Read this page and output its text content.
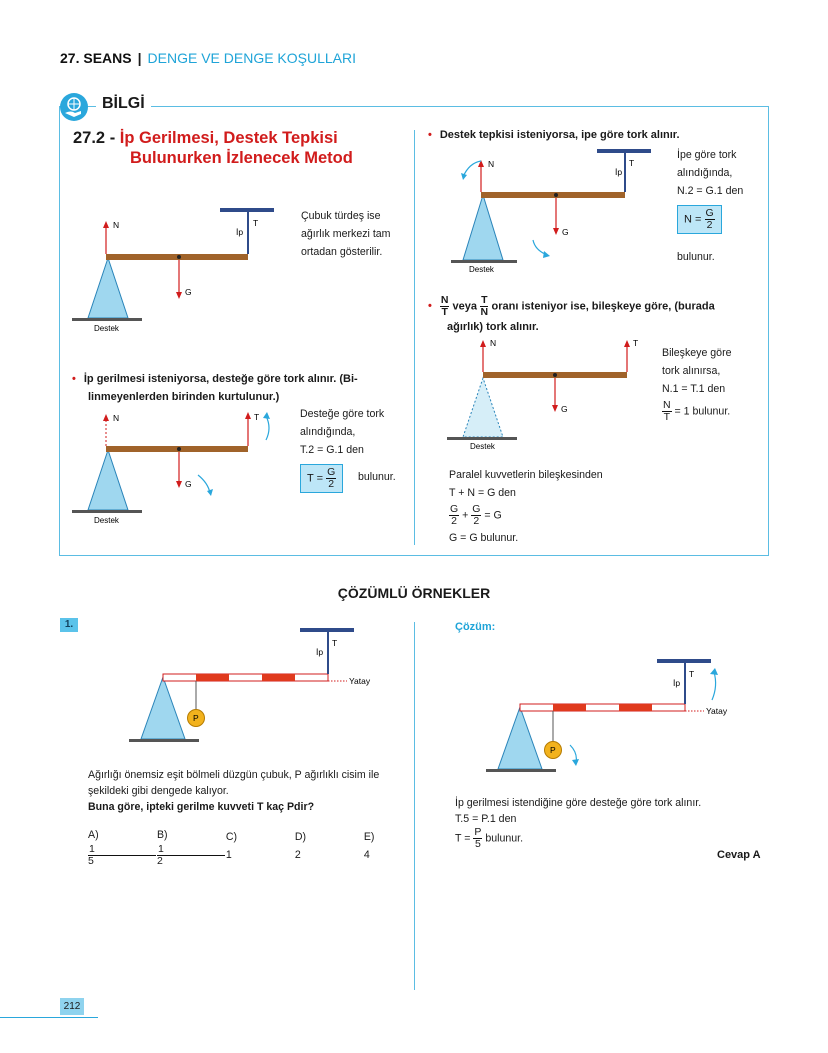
27. SEANS | DENGE VE DENGE KOŞULLARI
BİLGİ
27.2 - İp Gerilmesi, Destek Tepkisi
Bulunurken İzlenecek Metod
N
İp
T
G
Destek
Çubuk türdeş ise
ağırlık merkezi tam
ortadan gösterilir.
• İp gerilmesi isteniyorsa, desteğe göre tork alınır. (Bi-
linmeyenlerden birinden kurtulunur.)
N	T
G
Destek
Desteğe göre tork
alındığında,
T.2 = G.1 den
$T = \frac{G}{2}$ bulunur.
• Destek tepkisi isteniyorsa, ipe göre tork alınır.
N
İp
T
G
Destek
İpe göre tork
alındığında,
N.2 = G.1 den
$N = \frac{G}{2}$
bulunur.
• $\frac{N}{T}$ veya $\frac{T}{N}$ oranı isteniyor ise, bileşkeye göre, (burada
ağırlık) tork alınır.
N	T
G
Destek
Bileşkeye göre
tork alınırsa,
N.1 = T.1 den
$\frac{N}{T} = 1$ bulunur.
Paralel kuvvetlerin bileşkesinden
T + N = G den
$\frac{G}{2} + \frac{G}{2} = G$
G = G bulunur.
ÇÖZÜMLÜ ÖRNEKLER
1.	Çözüm:
İp
T
Yatay
P
Ağırlığı önemsiz eşit bölmeli düzgün çubuk, P ağırlıklı cisim ile
şekildeki gibi dengede kalıyor.
Buna göre, ipteki gerilme kuvveti T kaç Pdir?
$A) \frac{1}{5} B) \frac{1}{2} C$) 1 D) 2 E) 4
İp
T
Yatay
P
İp gerilmesi istendiğine göre desteğe göre tork alınır.
T.5 = P.1 den
$T = \frac{P}{5}$ bulunur.
Cevap A
212
